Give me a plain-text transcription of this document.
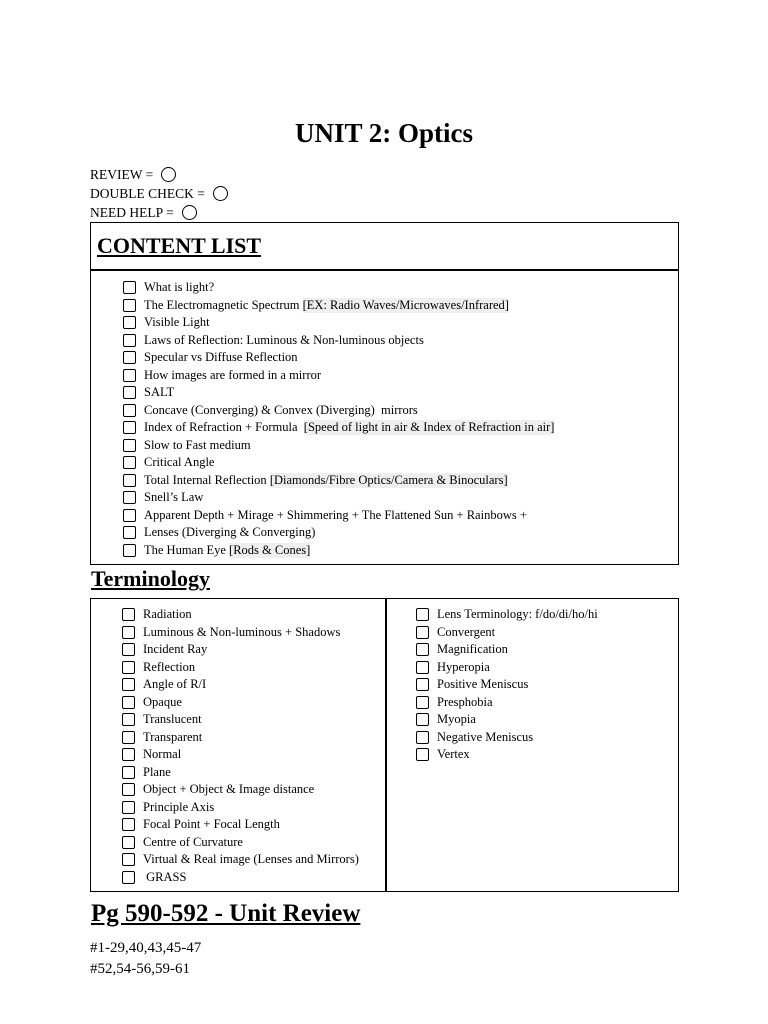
UNIT 2: Optics
REVIEW =
DOUBLE CHECK =
NEED HELP =
CONTENT LIST
What is light?
The Electromagnetic Spectrum [EX: Radio Waves/Microwaves/Infrared]
Visible Light
Laws of Reflection: Luminous & Non-luminous objects
Specular vs Diffuse Reflection
How images are formed in a mirror
SALT
Concave (Converging) & Convex (Diverging)  mirrors
Index of Refraction + Formula [Speed of light in air & Index of Refraction in air]
Slow to Fast medium
Critical Angle
Total Internal Reflection [Diamonds/Fibre Optics/Camera & Binoculars]
Snell’s Law
Apparent Depth + Mirage + Shimmering + The Flattened Sun + Rainbows +
Lenses (Diverging & Converging)
The Human Eye [Rods & Cones]
Terminology
Radiation
Luminous & Non-luminous + Shadows
Incident Ray
Reflection
Angle of R/I
Opaque
Translucent
Transparent
Normal
Plane
Object + Object & Image distance
Principle Axis
Focal Point + Focal Length
Centre of Curvature
Virtual & Real image (Lenses and Mirrors)
GRASS
Lens Terminology: f/do/di/ho/hi
Convergent
Magnification
Hyperopia
Positive Meniscus
Presphobia
Myopia
Negative Meniscus
Vertex
Pg 590-592 - Unit Review
#1-29,40,43,45-47
#52,54-56,59-61
